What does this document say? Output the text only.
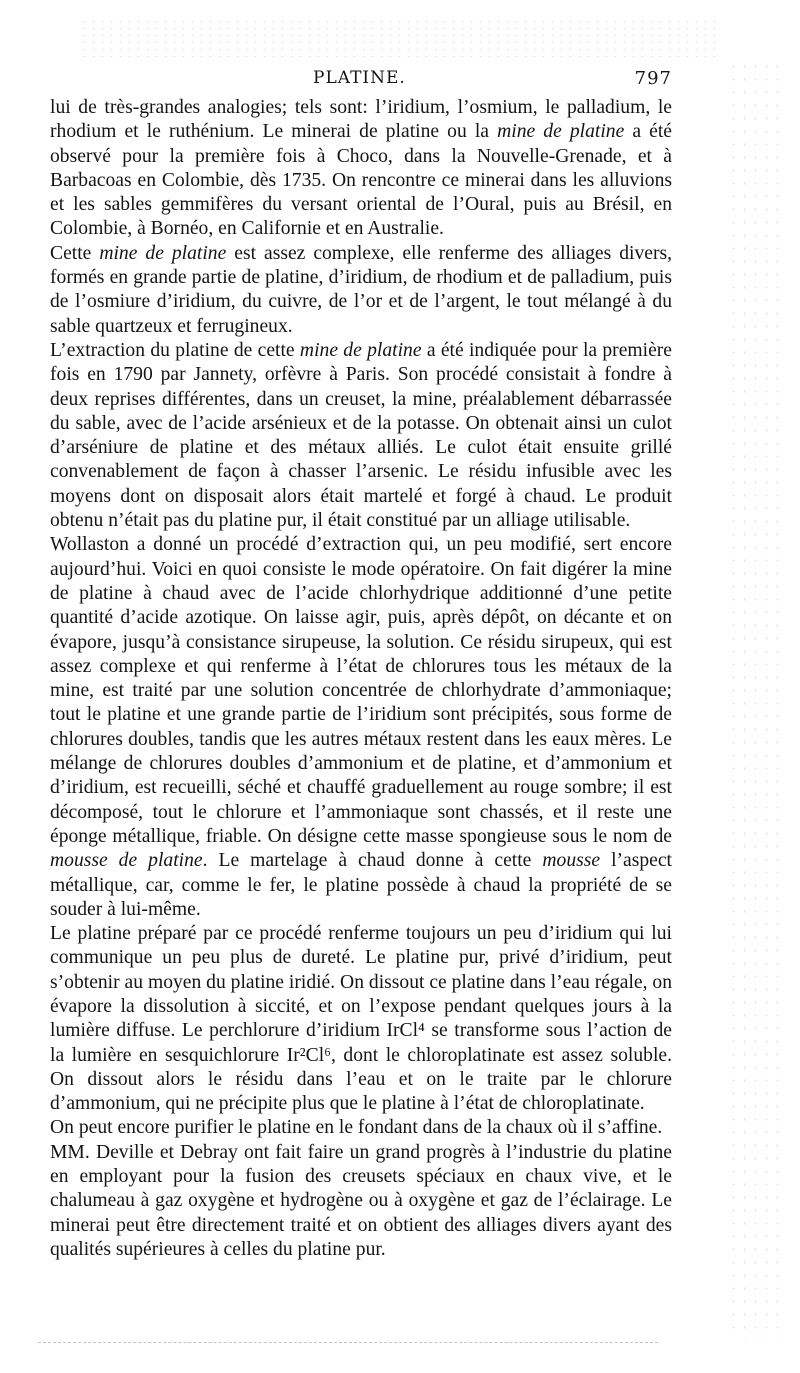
PLATINE.	797

lui de très-grandes analogies; tels sont: l’iridium, l’osmium, le palladium, le rhodium et le ruthénium. Le minerai de platine ou la mine de platine a été observé pour la première fois à Choco, dans la Nouvelle-Grenade, et à Barbacoas en Colombie, dès 1735. On rencontre ce minerai dans les alluvions et les sables gemmifères du versant oriental de l’Oural, puis au Brésil, en Colombie, à Bornéo, en Californie et en Australie.

Cette mine de platine est assez complexe, elle renferme des alliages divers, formés en grande partie de platine, d’iridium, de rhodium et de palladium, puis de l’osmiure d’iridium, du cuivre, de l’or et de l’argent, le tout mélangé à du sable quartzeux et ferrugineux.

L’extraction du platine de cette mine de platine a été indiquée pour la première fois en 1790 par Jannety, orfèvre à Paris. Son procédé consistait à fondre à deux reprises différentes, dans un creuset, la mine, préalablement débarrassée du sable, avec de l’acide arsénieux et de la potasse. On obtenait ainsi un culot d’arséniure de platine et des métaux alliés. Le culot était ensuite grillé convenablement de façon à chasser l’arsenic. Le résidu infusible avec les moyens dont on disposait alors était martelé et forgé à chaud. Le produit obtenu n’était pas du platine pur, il était constitué par un alliage utilisable.

Wollaston a donné un procédé d’extraction qui, un peu modifié, sert encore aujourd’hui. Voici en quoi consiste le mode opératoire. On fait digérer la mine de platine à chaud avec de l’acide chlorhydrique additionné d’une petite quantité d’acide azotique. On laisse agir, puis, après dépôt, on décante et on évapore, jusqu’à consistance sirupeuse, la solution. Ce résidu sirupeux, qui est assez complexe et qui renferme à l’état de chlorures tous les métaux de la mine, est traité par une solution concentrée de chlorhydrate d’ammoniaque; tout le platine et une grande partie de l’iridium sont précipités, sous forme de chlorures doubles, tandis que les autres métaux restent dans les eaux mères. Le mélange de chlorures doubles d’ammonium et de platine, et d’ammonium et d’iridium, est recueilli, séché et chauffé graduellement au rouge sombre; il est décomposé, tout le chlorure et l’ammoniaque sont chassés, et il reste une éponge métallique, friable. On désigne cette masse spongieuse sous le nom de mousse de platine. Le martelage à chaud donne à cette mousse l’aspect métallique, car, comme le fer, le platine possède à chaud la propriété de se souder à lui-même.

Le platine préparé par ce procédé renferme toujours un peu d’iridium qui lui communique un peu plus de dureté. Le platine pur, privé d’iridium, peut s’obtenir au moyen du platine iridié. On dissout ce platine dans l’eau régale, on évapore la dissolution à siccité, et on l’expose pendant quelques jours à la lumière diffuse. Le perchlorure d’iridium IrCl⁴ se transforme sous l’action de la lumière en sesquichlorure Ir²Cl⁶, dont le chloroplatinate est assez soluble. On dissout alors le résidu dans l’eau et on le traite par le chlorure d’ammonium, qui ne précipite plus que le platine à l’état de chloroplatinate.

On peut encore purifier le platine en le fondant dans de la chaux où il s’affine.

MM. Deville et Debray ont fait faire un grand progrès à l’industrie du platine en employant pour la fusion des creusets spéciaux en chaux vive, et le chalumeau à gaz oxygène et hydrogène ou à oxygène et gaz de l’éclairage. Le minerai peut être directement traité et on obtient des alliages divers ayant des qualités supérieures à celles du platine pur.
